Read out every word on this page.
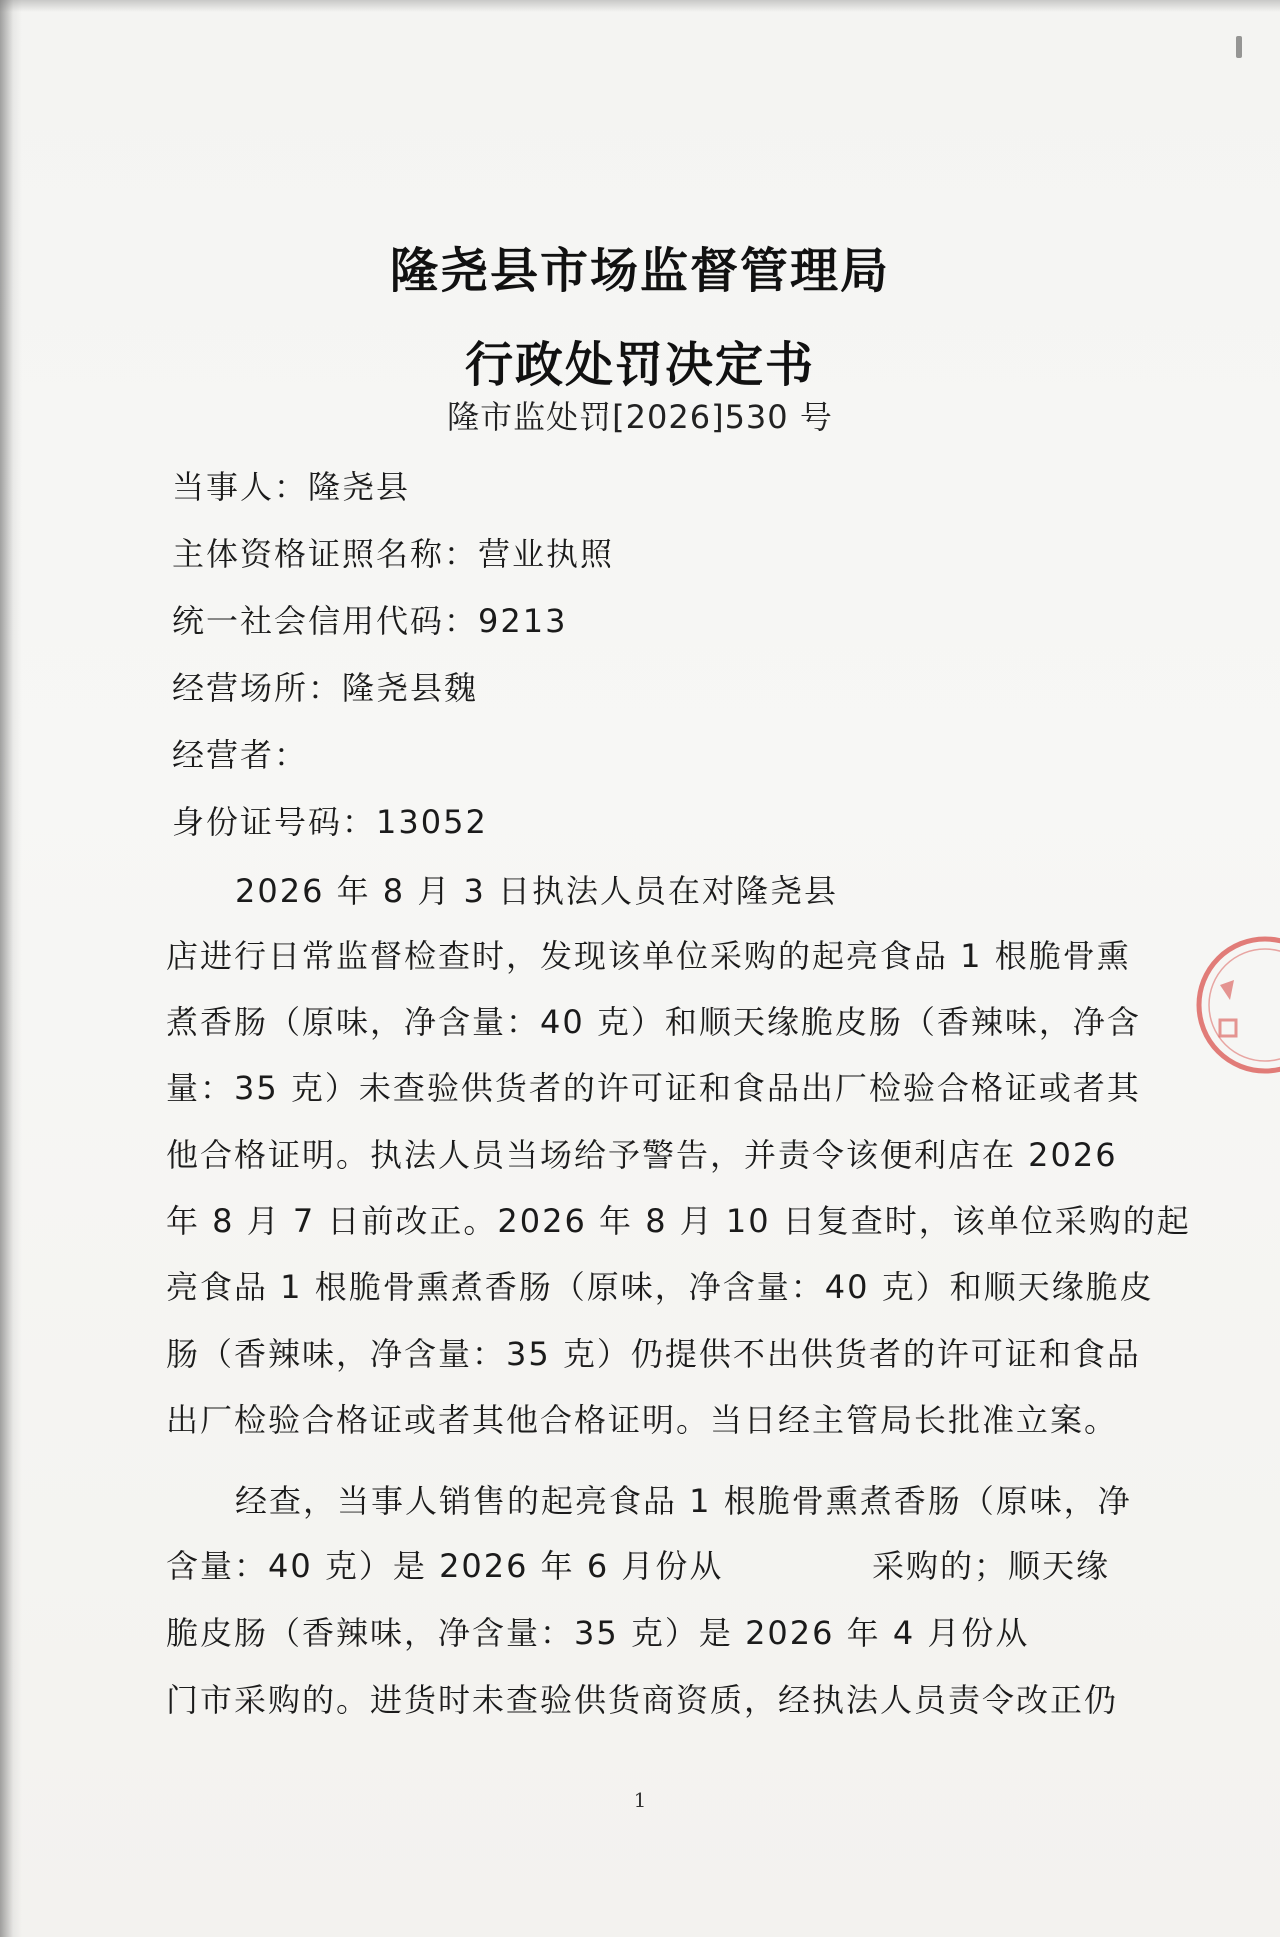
隆尧县市场监督管理局
行政处罚决定书
隆市监处罚[2026]530 号
当事人：隆尧县
主体资格证照名称：营业执照
统一社会信用代码：9213
经营场所：隆尧县魏
经营者：
身份证号码：13052
2026 年 8 月 3 日执法人员在对隆尧县
店进行日常监督检查时，发现该单位采购的起亮食品 1 根脆骨熏
煮香肠（原味，净含量：40 克）和顺天缘脆皮肠（香辣味，净含
量：35 克）未查验供货者的许可证和食品出厂检验合格证或者其
他合格证明。执法人员当场给予警告，并责令该便利店在 2026
年 8 月 7 日前改正。2026 年 8 月 10 日复查时，该单位采购的起
亮食品 1 根脆骨熏煮香肠（原味，净含量：40 克）和顺天缘脆皮
肠（香辣味，净含量：35 克）仍提供不出供货者的许可证和食品
出厂检验合格证或者其他合格证明。当日经主管局长批准立案。
经查，当事人销售的起亮食品 1 根脆骨熏煮香肠（原味，净
含量：40 克）是 2026 年 6 月份从	采购的；顺天缘
脆皮肠（香辣味，净含量：35 克）是 2026 年 4 月份从
门市采购的。进货时未查验供货商资质，经执法人员责令改正仍
1
